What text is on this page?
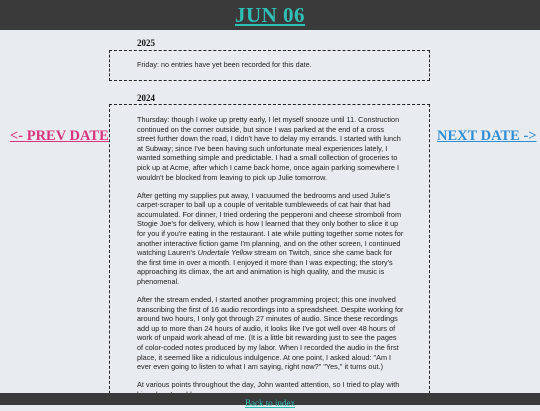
JUN 06
<- PREV DATE	NEXT DATE ->
2025
Friday: no entries have yet been recorded for this date.
2024

Thursday: though I woke up pretty early, I let myself snooze until 11. Construction continued on the corner outside, but since I was parked at the end of a cross street further down the road, I didn't have to delay my errands. I started with lunch at Subway; since I've been having such unfortunate meal experiences lately, I wanted something simple and predictable. I had a small collection of groceries to pick up at Acme, after which I came back home, once again parking somewhere I wouldn't be blocked from leaving to pick up Julie tomorrow.

After getting my supplies put away, I vacuumed the bedrooms and used Julie's carpet-scraper to ball up a couple of veritable tumbleweeds of cat hair that had accumulated. For dinner, I tried ordering the pepperoni and cheese stromboli from Stogie Joe's for delivery, which is how I learned that they only bother to slice it up for you if you're eating in the restaurant. I ate while putting together some notes for another interactive fiction game I'm planning, and on the other screen, I continued watching Lauren's Undertale Yellow stream on Twitch, since she came back for the first time in over a month. I enjoyed it more than I was expecting; the story's approaching its climax, the art and animation is high quality, and the music is phenomenal.

After the stream ended, I started another programming project; this one involved transcribing the first of 16 audio recordings into a spreadsheet. Despite working for around two hours, I only got through 27 minutes of audio. Since these recordings add up to more than 24 hours of audio, it looks like I've got well over 48 hours of work of unpaid work ahead of me. (It is a little bit rewarding just to see the pages of color-coded notes produced by my labor. When I recorded the audio in the first place, it seemed like a ridiculous indulgence. At one point, I asked aloud: "Am I ever even going to listen to what I am saying, right now?" "Yes," it turns out.)

At various points throughout the day, John wanted attention, so I tried to play with

Back to index
